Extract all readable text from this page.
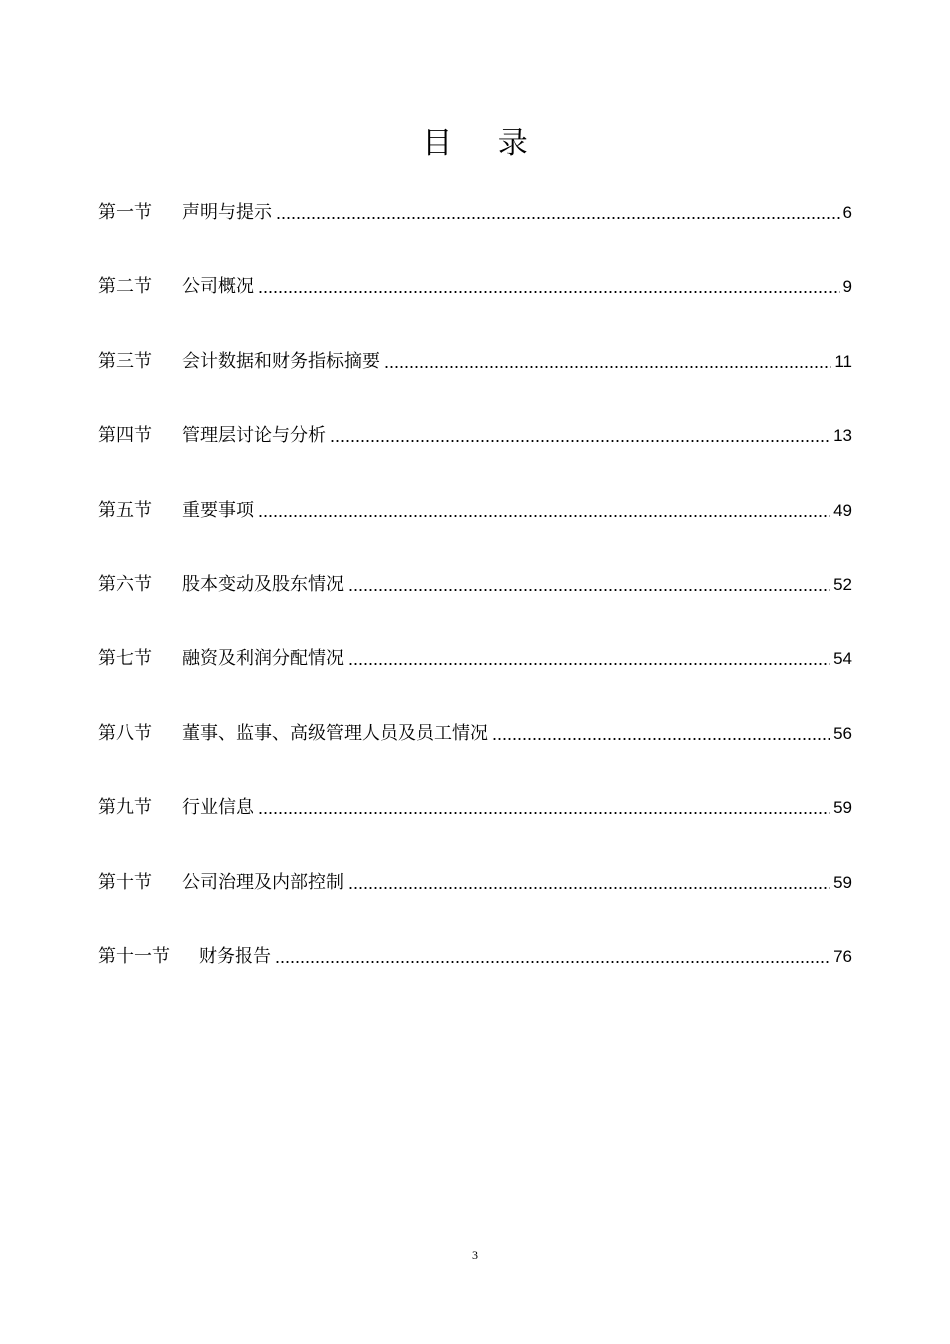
目 录
第一节	声明与提示	6
第二节	公司概况	9
第三节	会计数据和财务指标摘要	11
第四节	管理层讨论与分析	13
第五节	重要事项	49
第六节	股本变动及股东情况	52
第七节	融资及利润分配情况	54
第八节	董事、监事、高级管理人员及员工情况	56
第九节	行业信息	59
第十节	公司治理及内部控制	59
第十一节	财务报告	76
3
